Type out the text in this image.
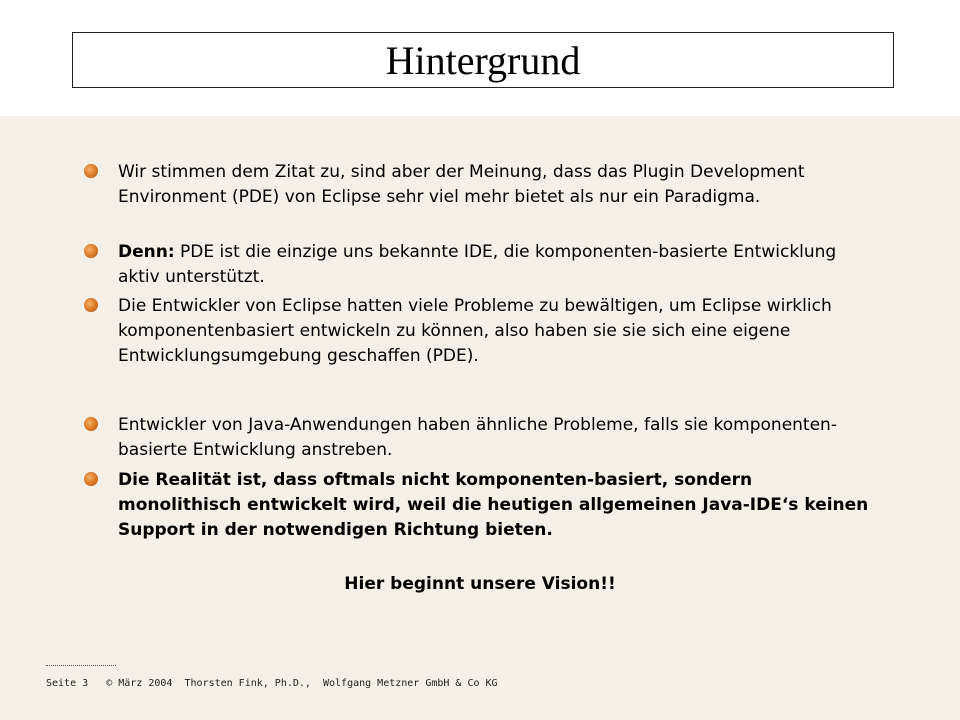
Hintergrund
Wir stimmen dem Zitat zu, sind aber der Meinung, dass das Plugin Development Environment (PDE) von Eclipse sehr viel mehr bietet als nur ein Paradigma.
Denn: PDE ist die einzige uns bekannte IDE, die komponenten-basierte Entwicklung aktiv unterstützt.
Die Entwickler von Eclipse hatten viele Probleme zu bewältigen, um Eclipse wirklich komponentenbasiert entwickeln zu können, also haben sie sie sich eine eigene Entwicklungsumgebung geschaffen (PDE).
Entwickler von Java-Anwendungen haben ähnliche Probleme, falls sie komponenten-basierte Entwicklung anstreben.
Die Realität ist, dass oftmals nicht komponenten-basiert, sondern monolithisch entwickelt wird, weil die heutigen allgemeinen Java-IDE‘s keinen Support in der notwendigen Richtung bieten.
Hier beginnt unsere Vision!!
Seite 3 © März 2004 Thorsten Fink, Ph.D., Wolfgang Metzner GmbH & Co KG
